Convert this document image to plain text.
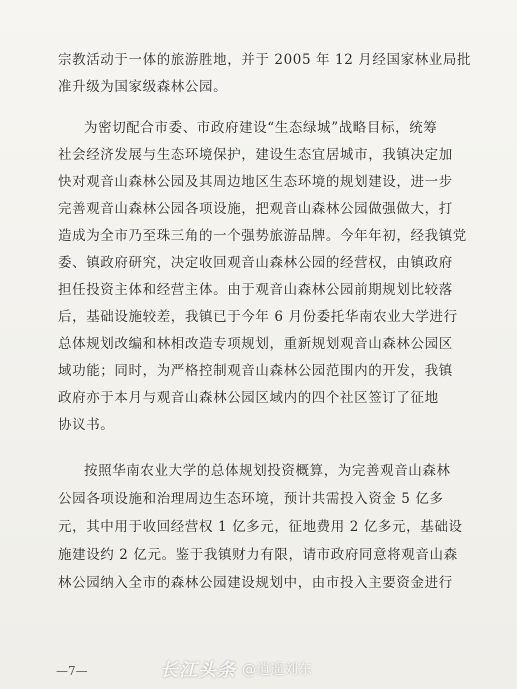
宗教活动于一体的旅游胜地，并于 2005 年 12 月经国家林业局批
准升级为国家级森林公园。
为密切配合市委、市政府建设“生态绿城”战略目标，统筹
社会经济发展与生态环境保护，建设生态宜居城市，我镇决定加
快对观音山森林公园及其周边地区生态环境的规划建设，进一步
完善观音山森林公园各项设施，把观音山森林公园做强做大，打
造成为全市乃至珠三角的一个强势旅游品牌。今年年初，经我镇党
委、镇政府研究，决定收回观音山森林公园的经营权，由镇政府
担任投资主体和经营主体。由于观音山森林公园前期规划比较落
后，基础设施较差，我镇已于今年 6 月份委托华南农业大学进行
总体规划改编和林相改造专项规划，重新规划观音山森林公园区
域功能；同时，为严格控制观音山森林公园范围内的开发，我镇
政府亦于本月与观音山森林公园区域内的四个社区签订了征地
协议书。
按照华南农业大学的总体规划投资概算，为完善观音山森林
公园各项设施和治理周边生态环境，预计共需投入资金 5 亿多
元，其中用于收回经营权 1 亿多元，征地费用 2 亿多元，基础设
施建设约 2 亿元。鉴于我镇财力有限，请市政府同意将观音山森
林公园纳入全市的森林公园建设规划中，由市投入主要资金进行
—7—	长江头条 @逍遥刘东
